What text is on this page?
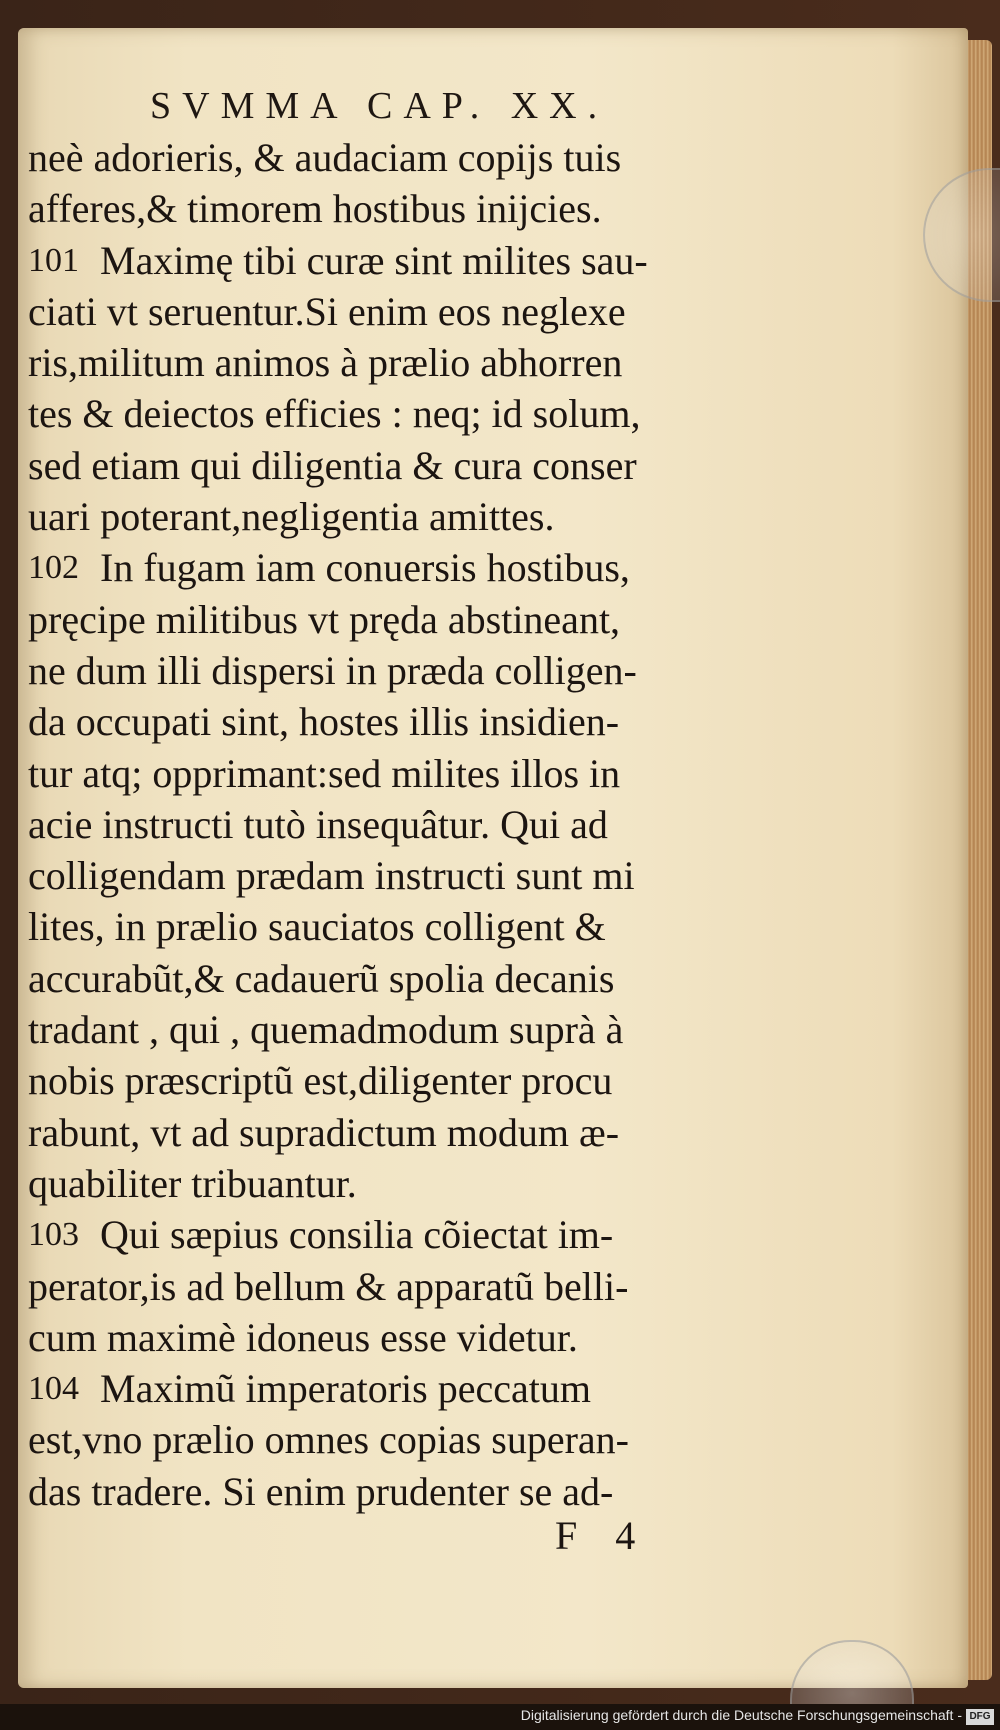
SVMMA CAP. XX.
neè adorieris, & audaciam copijs tuis
afferes,& timorem hostibus inijcies.
101 Maximę tibi curæ sint milites sau-
ciati vt seruentur.Si enim eos neglexe
ris,militum animos à prælio abhorren
tes & deiectos efficies : neq; id solum,
sed etiam qui diligentia & cura conser
uari poterant,negligentia amittes.
102 In fugam iam conuersis hostibus,
pręcipe militibus vt pręda abstineant,
ne dum illi dispersi in præda colligen-
da occupati sint, hostes illis insidien-
tur atq; opprimant:sed milites illos in
acie instructi tutò insequâtur. Qui ad
colligendam prædam instructi sunt mi
lites, in prælio sauciatos colligent &
accurabũt,& cadauerũ spolia decanis
tradant , qui , quemadmodum suprà à
nobis præscriptũ est,diligenter procu
rabunt, vt ad supradictum modum æ-
quabiliter tribuantur.
103 Qui sæpius consilia cõiectat im-
perator,is ad bellum & apparatũ belli-
cum maximè idoneus esse videtur.
104 Maximũ imperatoris peccatum
est,vno prælio omnes copias superan-
das tradere. Si enim prudenter se ad-
F 4
Digitalisierung gefördert durch die Deutsche Forschungsgemeinschaft - DFG
